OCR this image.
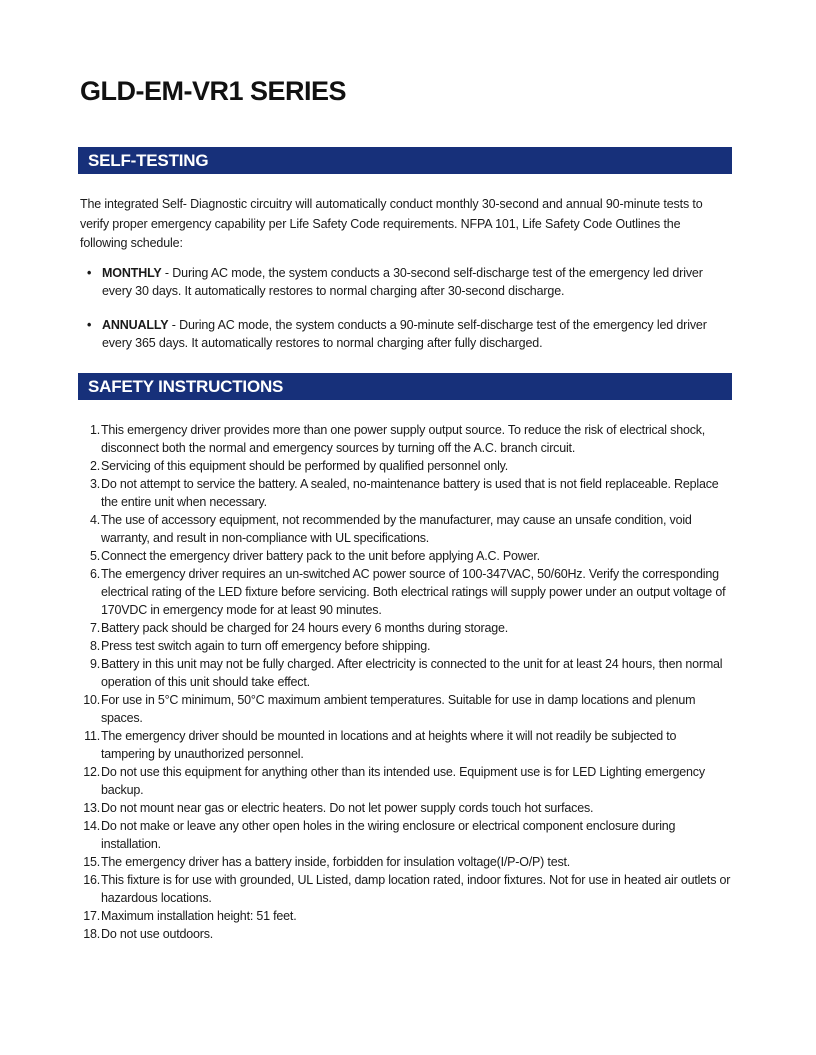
GLD-EM-VR1 SERIES
SELF-TESTING

The integrated Self- Diagnostic circuitry will automatically conduct monthly 30-second and annual 90-minute tests to verify proper emergency capability per Life Safety Code requirements. NFPA 101, Life Safety Code Outlines the following schedule:

• MONTHLY - During AC mode, the system conducts a 30-second self-discharge test of the emergency led driver every 30 days. It automatically restores to normal charging after 30-second discharge.
• ANNUALLY - During AC mode, the system conducts a 90-minute self-discharge test of the emergency led driver every 365 days. It automatically restores to normal charging after fully discharged.
SAFETY INSTRUCTIONS
1. This emergency driver provides more than one power supply output source. To reduce the risk of electrical shock, disconnect both the normal and emergency sources by turning off the A.C. branch circuit.
2. Servicing of this equipment should be performed by qualified personnel only.
3. Do not attempt to service the battery. A sealed, no-maintenance battery is used that is not field replaceable. Replace the entire unit when necessary.
4. The use of accessory equipment, not recommended by the manufacturer, may cause an unsafe condition, void warranty, and result in non-compliance with UL specifications.
5. Connect the emergency driver battery pack to the unit before applying A.C. Power.
6. The emergency driver requires an un-switched AC power source of 100-347VAC, 50/60Hz. Verify the corresponding electrical rating of the LED fixture before servicing. Both electrical ratings will supply power under an output voltage of 170VDC in emergency mode for at least 90 minutes.
7. Battery pack should be charged for 24 hours every 6 months during storage.
8. Press test switch again to turn off emergency before shipping.
9. Battery in this unit may not be fully charged. After electricity is connected to the unit for at least 24 hours, then normal operation of this unit should take effect.
10. For use in 5°C minimum, 50°C maximum ambient temperatures. Suitable for use in damp locations and plenum spaces.
11. The emergency driver should be mounted in locations and at heights where it will not readily be subjected to tampering by unauthorized personnel.
12. Do not use this equipment for anything other than its intended use. Equipment use is for LED Lighting emergency backup.
13. Do not mount near gas or electric heaters. Do not let power supply cords touch hot surfaces.
14. Do not make or leave any other open holes in the wiring enclosure or electrical component enclosure during installation.
15. The emergency driver has a battery inside, forbidden for insulation voltage(I/P-O/P) test.
16. This fixture is for use with grounded, UL Listed, damp location rated, indoor fixtures. Not for use in heated air outlets or hazardous locations.
17. Maximum installation height: 51 feet.
18. Do not use outdoors.
